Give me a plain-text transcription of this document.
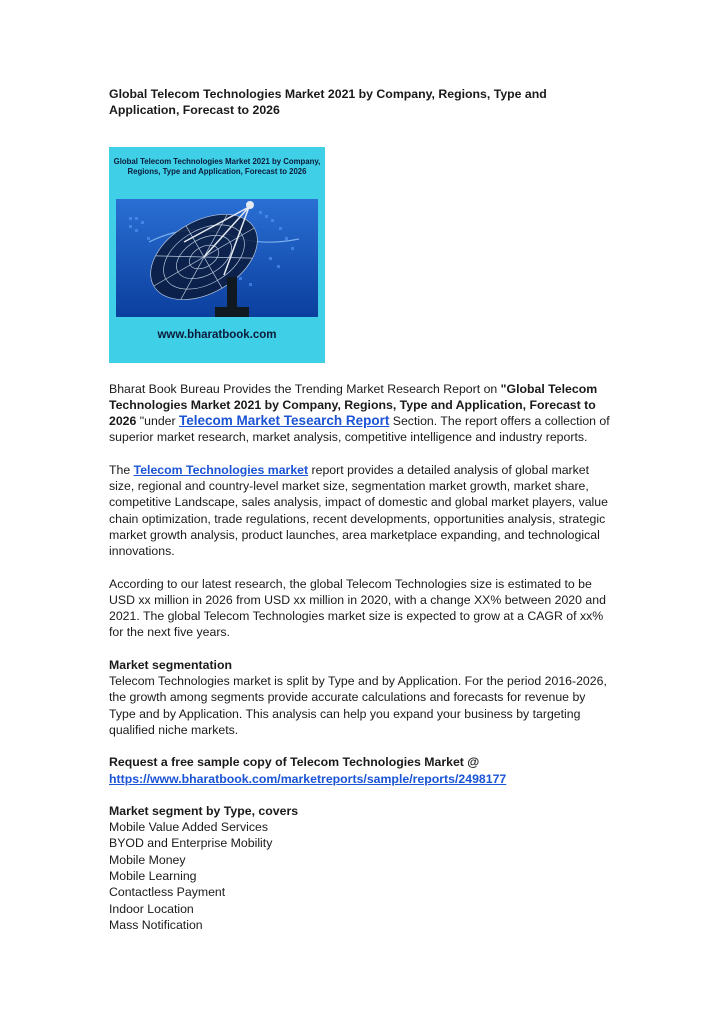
Global Telecom Technologies Market 2021 by Company, Regions, Type and Application, Forecast to 2026
Global Telecom Technologies Market 2021 by Company,
Regions, Type and Application, Forecast to 2026
www.bharatbook.com

Bharat Book Bureau Provides the Trending Market Research Report on "Global Telecom Technologies Market 2021 by Company, Regions, Type and Application, Forecast to 2026 "under Telecom Market Tesearch Report Section. The report offers a collection of superior market research, market analysis, competitive intelligence and industry reports.

The Telecom Technologies market report provides a detailed analysis of global market size, regional and country-level market size, segmentation market growth, market share, competitive Landscape, sales analysis, impact of domestic and global market players, value chain optimization, trade regulations, recent developments, opportunities analysis, strategic market growth analysis, product launches, area marketplace expanding, and technological innovations.

According to our latest research, the global Telecom Technologies size is estimated to be USD xx million in 2026 from USD xx million in 2020, with a change XX% between 2020 and 2021. The global Telecom Technologies market size is expected to grow at a CAGR of xx% for the next five years.

Market segmentation
Telecom Technologies market is split by Type and by Application. For the period 2016-2026, the growth among segments provide accurate calculations and forecasts for revenue by Type and by Application. This analysis can help you expand your business by targeting qualified niche markets.

Request a free sample copy of Telecom Technologies Market @
https://www.bharatbook.com/marketreports/sample/reports/2498177

Market segment by Type, covers
Mobile Value Added Services
BYOD and Enterprise Mobility
Mobile Money
Mobile Learning
Contactless Payment
Indoor Location
Mass Notification
